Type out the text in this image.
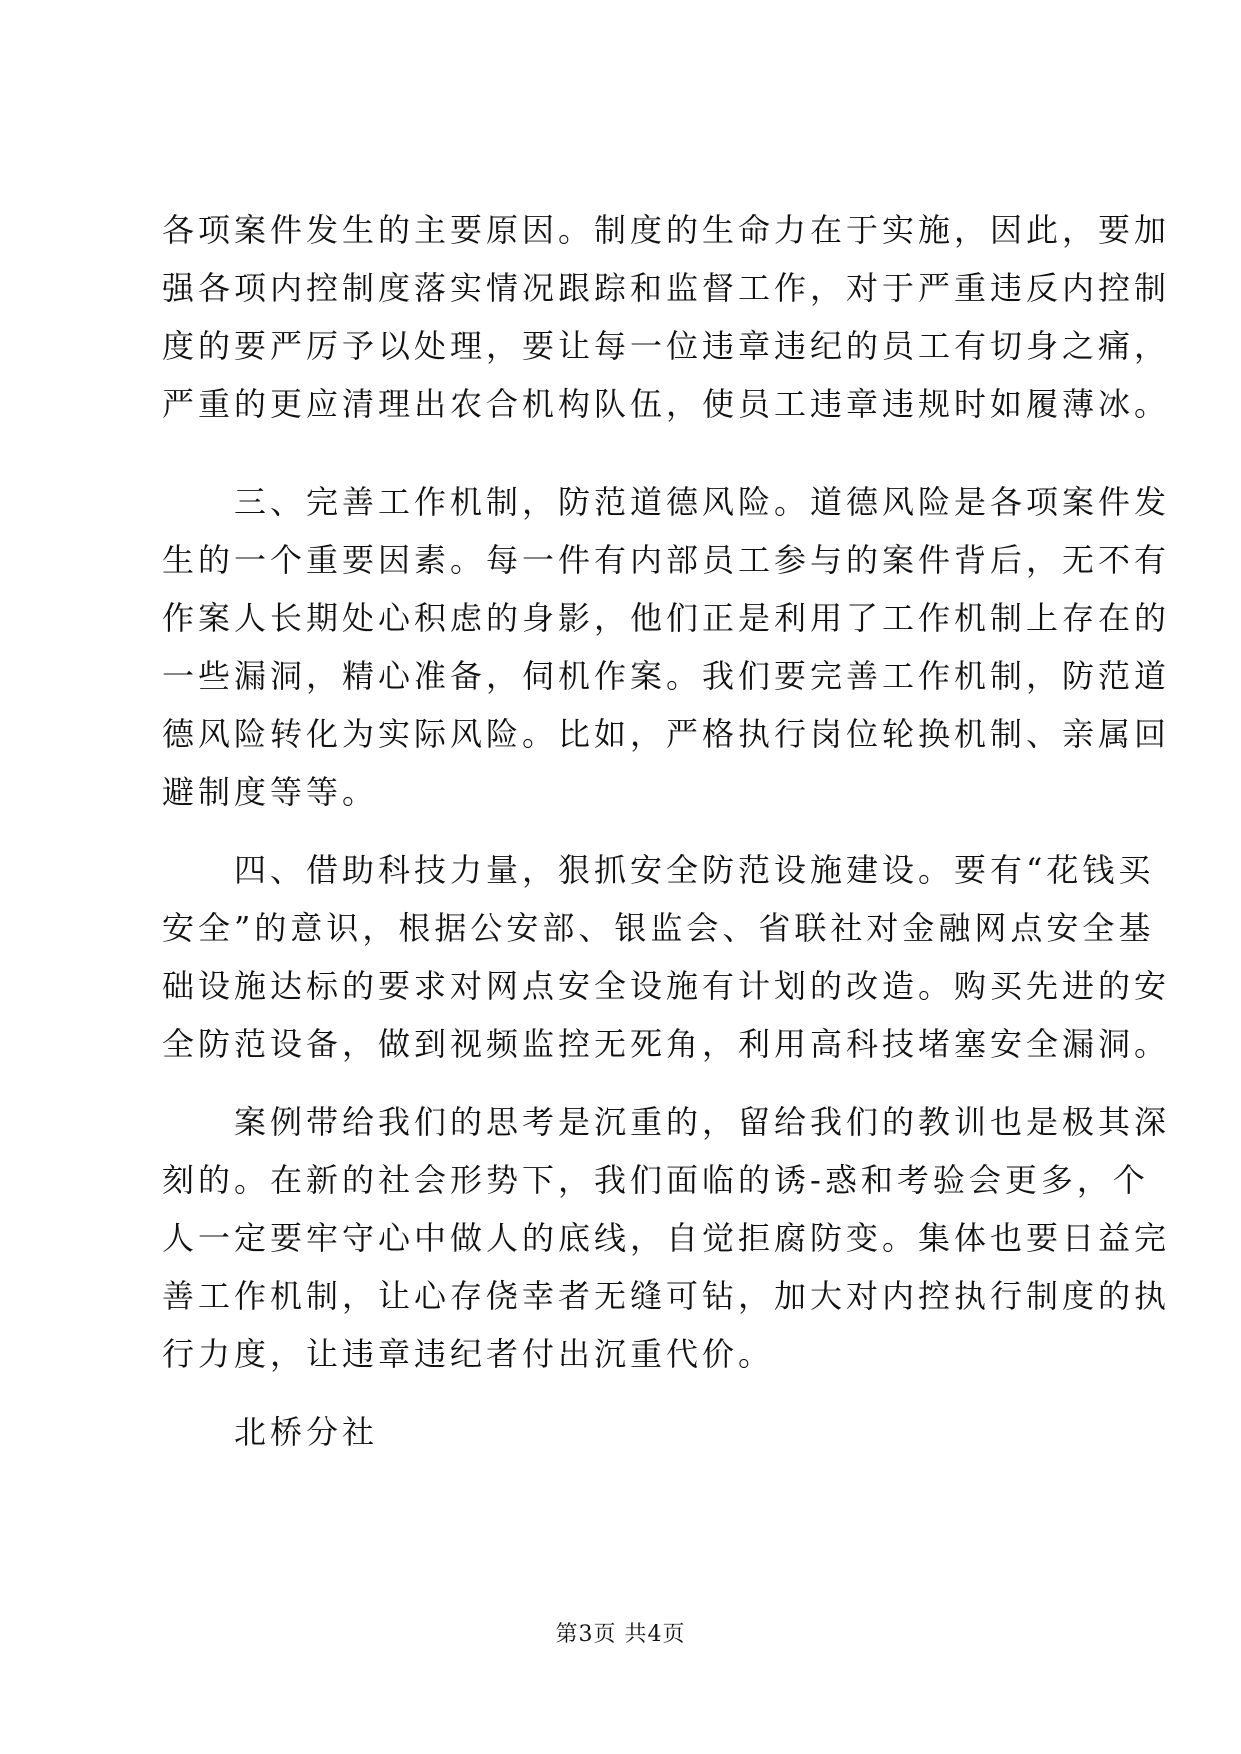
各项案件发生的主要原因。制度的生命力在于实施，因此，要加
强各项内控制度落实情况跟踪和监督工作，对于严重违反内控制
度的要严厉予以处理，要让每一位违章违纪的员工有切身之痛，
严重的更应清理出农合机构队伍，使员工违章违规时如履薄冰。
　　三、完善工作机制，防范道德风险。道德风险是各项案件发
生的一个重要因素。每一件有内部员工参与的案件背后，无不有
作案人长期处心积虑的身影，他们正是利用了工作机制上存在的
一些漏洞，精心准备，伺机作案。我们要完善工作机制，防范道
德风险转化为实际风险。比如，严格执行岗位轮换机制、亲属回
避制度等等。
　　四、借助科技力量，狠抓安全防范设施建设。要有“花钱买
安全”的意识，根据公安部、银监会、省联社对金融网点安全基
础设施达标的要求对网点安全设施有计划的改造。购买先进的安
全防范设备，做到视频监控无死角，利用高科技堵塞安全漏洞。
　　案例带给我们的思考是沉重的，留给我们的教训也是极其深
刻的。在新的社会形势下，我们面临的诱-惑和考验会更多，个
人一定要牢守心中做人的底线，自觉拒腐防变。集体也要日益完
善工作机制，让心存侥幸者无缝可钻，加大对内控执行制度的执
行力度，让违章违纪者付出沉重代价。
　　北桥分社
第3页 共4页
